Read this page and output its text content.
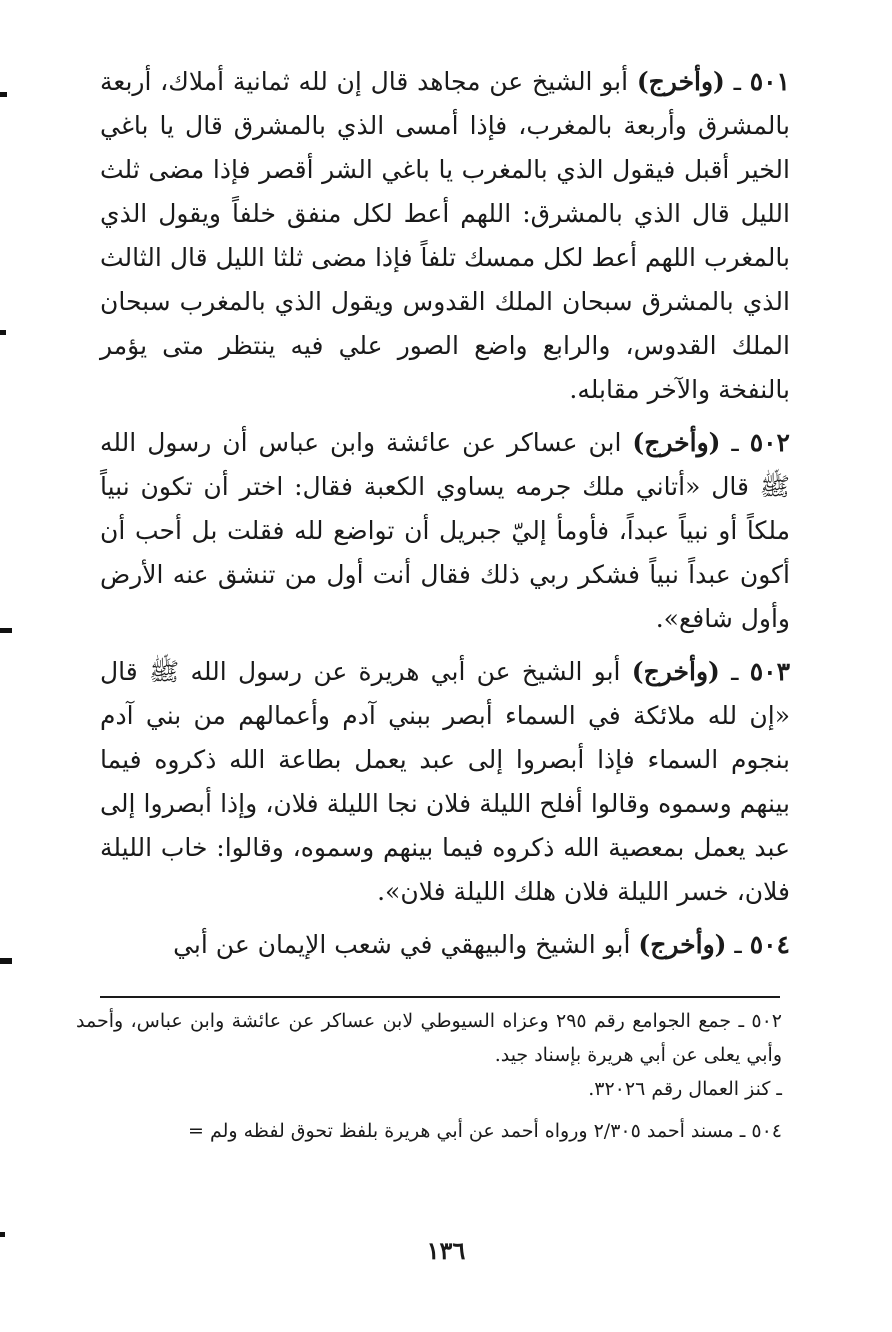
٥٠١ ـ (وأخرج) أبو الشيخ عن مجاهد قال إن لله ثمانية أملاك، أربعة بالمشرق وأربعة بالمغرب، فإذا أمسى الذي بالمشرق قال يا باغي الخير أقبل فيقول الذي بالمغرب يا باغي الشر أقصر فإذا مضى ثلث الليل قال الذي بالمشرق: اللهم أعط لكل منفق خلفاً ويقول الذي بالمغرب اللهم أعط لكل ممسك تلفاً فإذا مضى ثلثا الليل قال الثالث الذي بالمشرق سبحان الملك القدوس ويقول الذي بالمغرب سبحان الملك القدوس، والرابع واضع الصور علي فيه ينتظر متى يؤمر بالنفخة والآخر مقابله.

٥٠٢ ـ (وأخرج) ابن عساكر عن عائشة وابن عباس أن رسول الله ﷺ قال «أتاني ملك جرمه يساوي الكعبة فقال: اختر أن تكون نبياً ملكاً أو نبياً عبداً، فأومأ إليّ جبريل أن تواضع لله فقلت بل أحب أن أكون عبداً نبياً فشكر ربي ذلك فقال أنت أول من تنشق عنه الأرض وأول شافع».

٥٠٣ ـ (وأخرج) أبو الشيخ عن أبي هريرة عن رسول الله ﷺ قال «إن لله ملائكة في السماء أبصر ببني آدم وأعمالهم من بني آدم بنجوم السماء فإذا أبصروا إلى عبد يعمل بطاعة الله ذكروه فيما بينهم وسموه وقالوا أفلح الليلة فلان نجا الليلة فلان، وإذا أبصروا إلى عبد يعمل بمعصية الله ذكروه فيما بينهم وسموه، وقالوا: خاب الليلة فلان، خسر الليلة فلان هلك الليلة فلان».

٥٠٤ ـ (وأخرج) أبو الشيخ والبيهقي في شعب الإيمان عن أبي

٥٠٢ ـ جمع الجوامع رقم ٢٩٥ وعزاه السيوطي لابن عساكر عن عائشة وابن عباس، وأحمد وأبي يعلى عن أبي هريرة بإسناد جيد.

ـ كنز العمال رقم ٣٢٠٢٦.

٥٠٤ ـ مسند أحمد ٢/٣٠٥ ورواه أحمد عن أبي هريرة بلفظ تحوق لفظه ولم =

١٣٦
